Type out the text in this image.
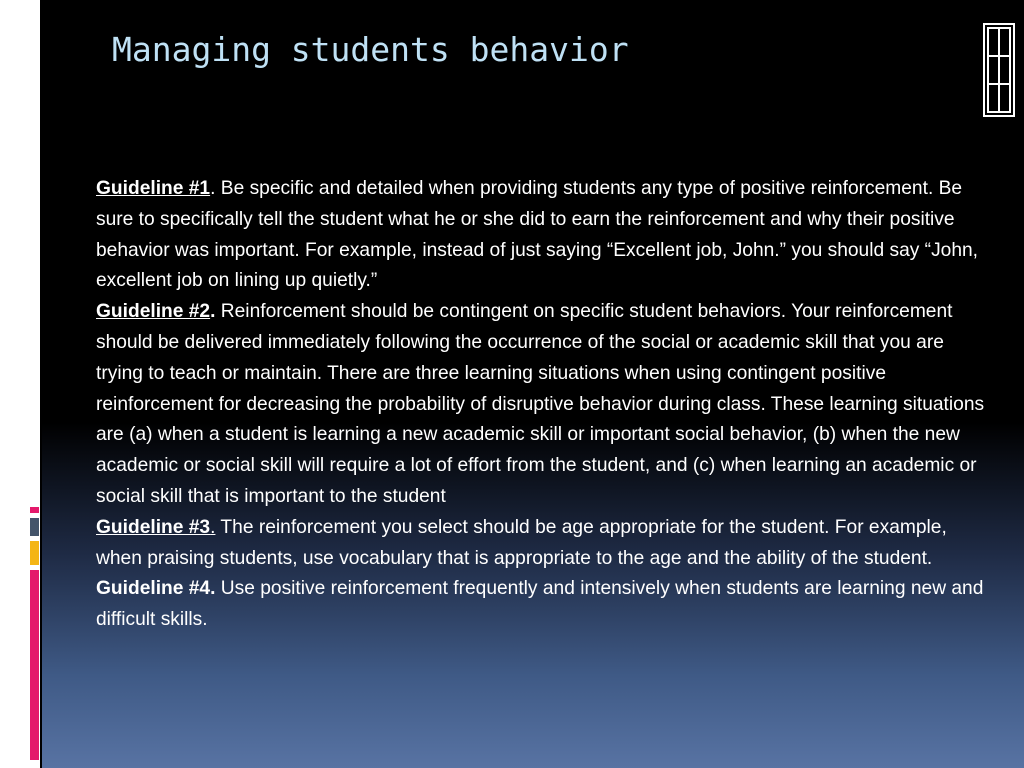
Managing students behavior

Guideline #1. Be specific and detailed when providing students any type of positive reinforcement. Be sure to specifically tell the student what he or she did to earn the reinforcement and why their positive behavior was important. For example, instead of just saying “Excellent job, John.” you should say “John, excellent job on lining up quietly.”

Guideline #2. Reinforcement should be contingent on specific student behaviors. Your reinforcement should be delivered immediately following the occurrence of the social or academic skill that you are trying to teach or maintain. There are three learning situations when using contingent positive reinforcement for decreasing the probability of disruptive behavior during class. These learning situations are (a) when a student is learning a new academic skill or important social behavior, (b) when the new academic or social skill will require a lot of effort from the student, and (c) when learning an academic or social skill that is important to the student

Guideline #3. The reinforcement you select should be age appropriate for the student. For example, when praising students, use vocabulary that is appropriate to the age and the ability of the student.

Guideline #4. Use positive reinforcement frequently and intensively when students are learning new and difficult skills.
